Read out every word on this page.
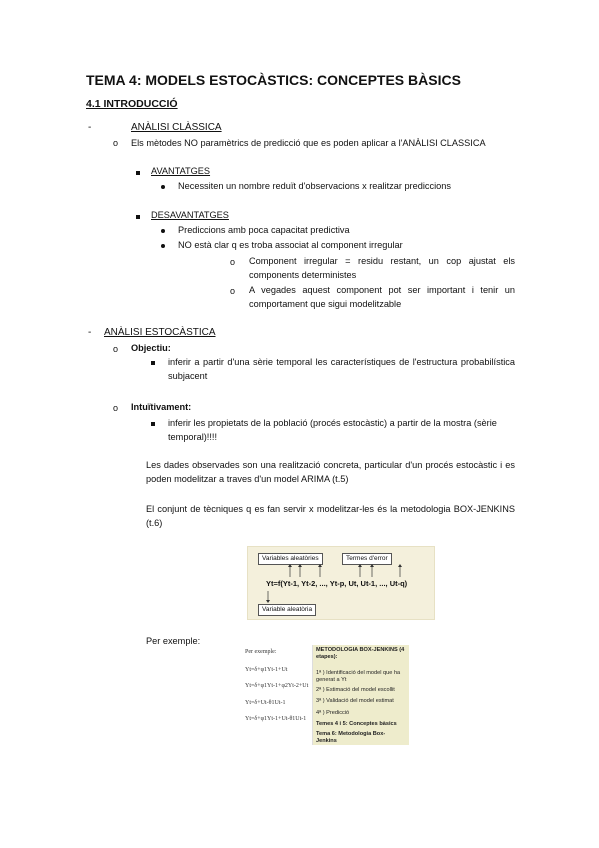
TEMA 4: MODELS ESTOCÀSTICS: CONCEPTES BÀSICS
4.1 INTRODUCCIÓ
-	ANÀLISI CLÀSSICA
o Els mètodes NO paramètrics de predicció que es poden aplicar a l'ANÀLISI CLASSICA
AVANTATGES
Necessiten un nombre reduït d'observacions x realitzar prediccions
DESAVANTATGES
Prediccions amb poca capacitat predictiva
NO està clar q es troba associat al component irregular
o Component irregular = residu restant, un cop ajustat els components deterministes
o A vegades aquest component pot ser important i tenir un comportament que sigui modelitzable
- ANÀLISI ESTOCÀSTICA
o Objectiu:
inferir a partir d'una sèrie temporal les característiques de l'estructura probabilística subjacent
o Intuïtivament:
inferir les propietats de la població (procés estocàstic) a partir de la mostra (sèrie temporal)!!!!
Les dades observades son una realització concreta, particular d'un procés estocàstic i es poden modelitzar a traves d'un model ARIMA (t.5)
El conjunt de tècniques q es fan servir x modelitzar-les és la metodologia BOX-JENKINS (t.6)
Variables aleatòries	Termes d'error
Yt=f(Yt-1, Yt-2, ..., Yt-p, Ut, Ut-1, ..., Ut-q)
Variable aleatòria
Per exemple:
Per exemple:
Yt=δ+φ1Yt-1+Ut
Yt=δ+φ1Yt-1+φ2Yt-2+Ut
Yt=δ+Ut-θ1Ut-1
Yt=δ+φ1Yt-1+Ut-θ1Ut-1
METODOLOGIA BOX-JENKINS (4 etapes):
1ª ) Identificació del model que ha generat a Yt
2ª ) Estimació del model escollit
3ª ) Validació del model estimat
4ª ) Predicció
Temes 4 i 5: Conceptes bàsics
Tema 6: Metodologia Box-Jenkins
